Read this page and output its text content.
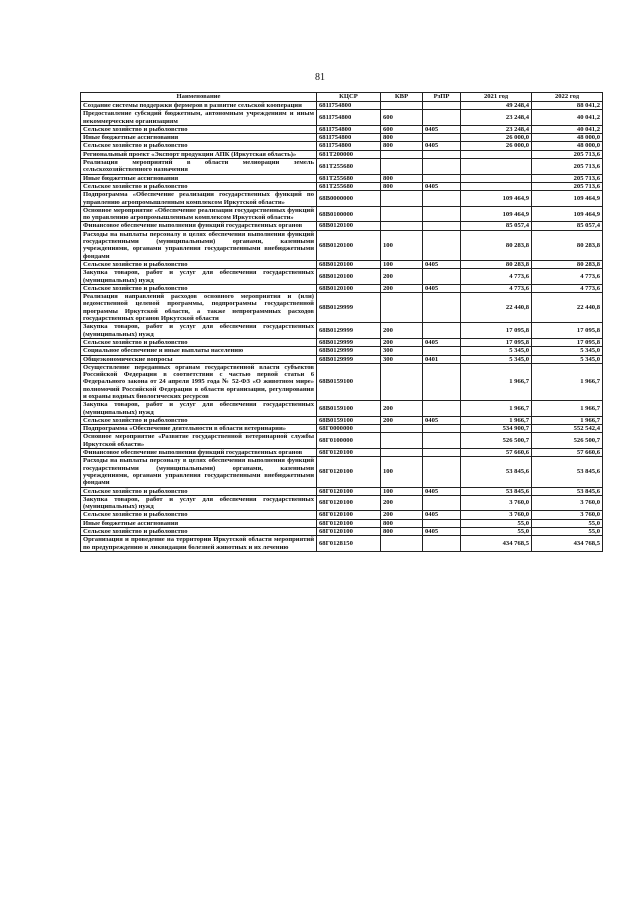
81
Наименование	КЦСР	КВР	РзПР	2021 год	2022 год
Создание системы поддержки фермеров в развитие сельской кооперации	681I754800			49 248,4	88 041,2
Предоставление субсидий бюджетным, автономным учреждениям и иным некоммерческим организациям	681I754800	600		23 248,4	40 041,2
Сельское хозяйство и рыболовство	681I754800	600	0405	23 248,4	40 041,2
Иные бюджетные ассигнования	681I754800	800		26 000,0	48 000,0
Сельское хозяйство и рыболовство	681I754800	800	0405	26 000,0	48 000,0
Региональный проект «Экспорт продукции АПК (Иркутская область)»	681T200000				205 713,6
Реализация мероприятий в области мелиорации земель сельскохозяйственного назначения	681T255680				205 713,6
Иные бюджетные ассигнования	681T255680	800			205 713,6
Сельское хозяйство и рыболовство	681T255680	800	0405		205 713,6
Подпрограмма «Обеспечение реализации государственных функций по управлению агропромышленным комплексом Иркутской области»	68В0000000			109 464,9	109 464,9
Основное мероприятие «Обеспечение реализации государственных функций по управлению агропромышленным комплексом Иркутской области»	68В0100000			109 464,9	109 464,9
Финансовое обеспечение выполнения функций государственных органов	68В0120100			85 057,4	85 057,4
Расходы на выплаты персоналу в целях обеспечения выполнения функций государственными (муниципальными) органами, казенными учреждениями, органами управления государственными внебюджетными фондами	68В0120100	100		80 283,8	80 283,8
Сельское хозяйство и рыболовство	68В0120100	100	0405	80 283,8	80 283,8
Закупка товаров, работ и услуг для обеспечения государственных (муниципальных) нужд	68В0120100	200		4 773,6	4 773,6
Сельское хозяйство и рыболовство	68В0120100	200	0405	4 773,6	4 773,6
Реализация направлений расходов основного мероприятия и (или) ведомственной целевой программы, подпрограммы государственной программы Иркутской области, а также непрограммных расходов государственных органов Иркутской области	68В0129999			22 440,8	22 440,8
Закупка товаров, работ и услуг для обеспечения государственных (муниципальных) нужд	68В0129999	200		17 095,8	17 095,8
Сельское хозяйство и рыболовство	68В0129999	200	0405	17 095,8	17 095,8
Социальное обеспечение и иные выплаты населению	68В0129999	300		5 345,0	5 345,0
Общеэкономические вопросы	68В0129999	300	0401	5 345,0	5 345,0
Осуществление переданных органам государственной власти субъектов Российской Федерации в соответствии с частью первой статьи 6 Федерального закона от 24 апреля 1995 года № 52-ФЗ «О животном мире» полномочий Российской Федерации в области организации, регулирования и охраны водных биологических ресурсов	68В0159100			1 966,7	1 966,7
Закупка товаров, работ и услуг для обеспечения государственных (муниципальных) нужд	68В0159100	200		1 966,7	1 966,7
Сельское хозяйство и рыболовство	68В0159100	200	0405	1 966,7	1 966,7
Подпрограмма «Обеспечение деятельности в области ветеринарии»	68Г0000000			534 900,7	552 542,4
Основное мероприятие «Развитие государственной ветеринарной службы Иркутской области»	68Г0100000			526 500,7	526 500,7
Финансовое обеспечение выполнения функций государственных органов	68Г0120100			57 660,6	57 660,6
Расходы на выплаты персоналу в целях обеспечения выполнения функций государственными (муниципальными) органами, казенными учреждениями, органами управления государственными внебюджетными фондами	68Г0120100	100		53 845,6	53 845,6
Сельское хозяйство и рыболовство	68Г0120100	100	0405	53 845,6	53 845,6
Закупка товаров, работ и услуг для обеспечения государственных (муниципальных) нужд	68Г0120100	200		3 760,0	3 760,0
Сельское хозяйство и рыболовство	68Г0120100	200	0405	3 760,0	3 760,0
Иные бюджетные ассигнования	68Г0120100	800		55,0	55,0
Сельское хозяйство и рыболовство	68Г0120100	800	0405	55,0	55,0
Организация и проведение на территории Иркутской области мероприятий по предупреждению и ликвидации болезней животных и их лечению	68Г0128150			434 768,5	434 768,5
